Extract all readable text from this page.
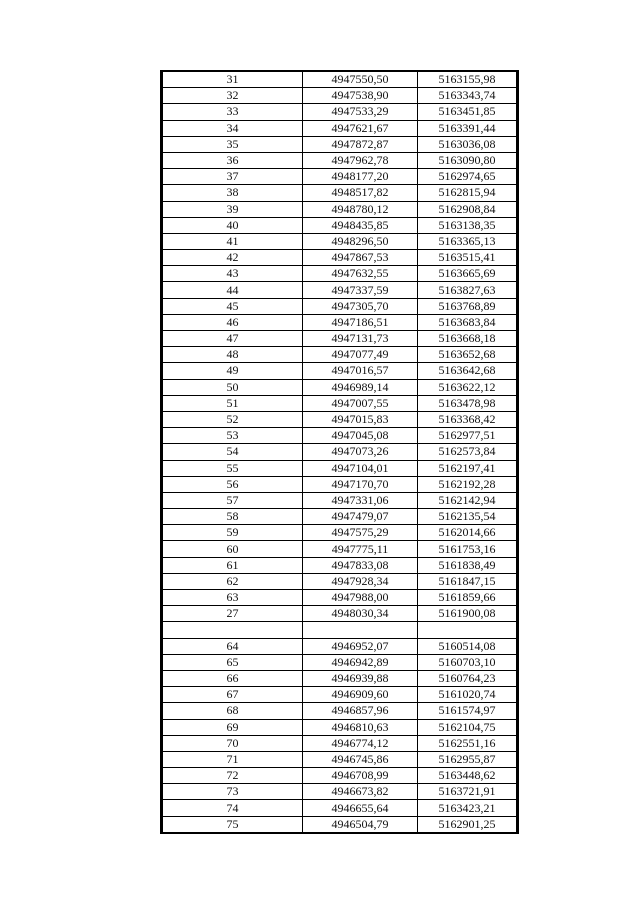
31	4947550,50	5163155,98
32	4947538,90	5163343,74
33	4947533,29	5163451,85
34	4947621,67	5163391,44
35	4947872,87	5163036,08
36	4947962,78	5163090,80
37	4948177,20	5162974,65
38	4948517,82	5162815,94
39	4948780,12	5162908,84
40	4948435,85	5163138,35
41	4948296,50	5163365,13
42	4947867,53	5163515,41
43	4947632,55	5163665,69
44	4947337,59	5163827,63
45	4947305,70	5163768,89
46	4947186,51	5163683,84
47	4947131,73	5163668,18
48	4947077,49	5163652,68
49	4947016,57	5163642,68
50	4946989,14	5163622,12
51	4947007,55	5163478,98
52	4947015,83	5163368,42
53	4947045,08	5162977,51
54	4947073,26	5162573,84
55	4947104,01	5162197,41
56	4947170,70	5162192,28
57	4947331,06	5162142,94
58	4947479,07	5162135,54
59	4947575,29	5162014,66
60	4947775,11	5161753,16
61	4947833,08	5161838,49
62	4947928,34	5161847,15
63	4947988,00	5161859,66
27	4948030,34	5161900,08

64	4946952,07	5160514,08
65	4946942,89	5160703,10
66	4946939,88	5160764,23
67	4946909,60	5161020,74
68	4946857,96	5161574,97
69	4946810,63	5162104,75
70	4946774,12	5162551,16
71	4946745,86	5162955,87
72	4946708,99	5163448,62
73	4946673,82	5163721,91
74	4946655,64	5163423,21
75	4946504,79	5162901,25
